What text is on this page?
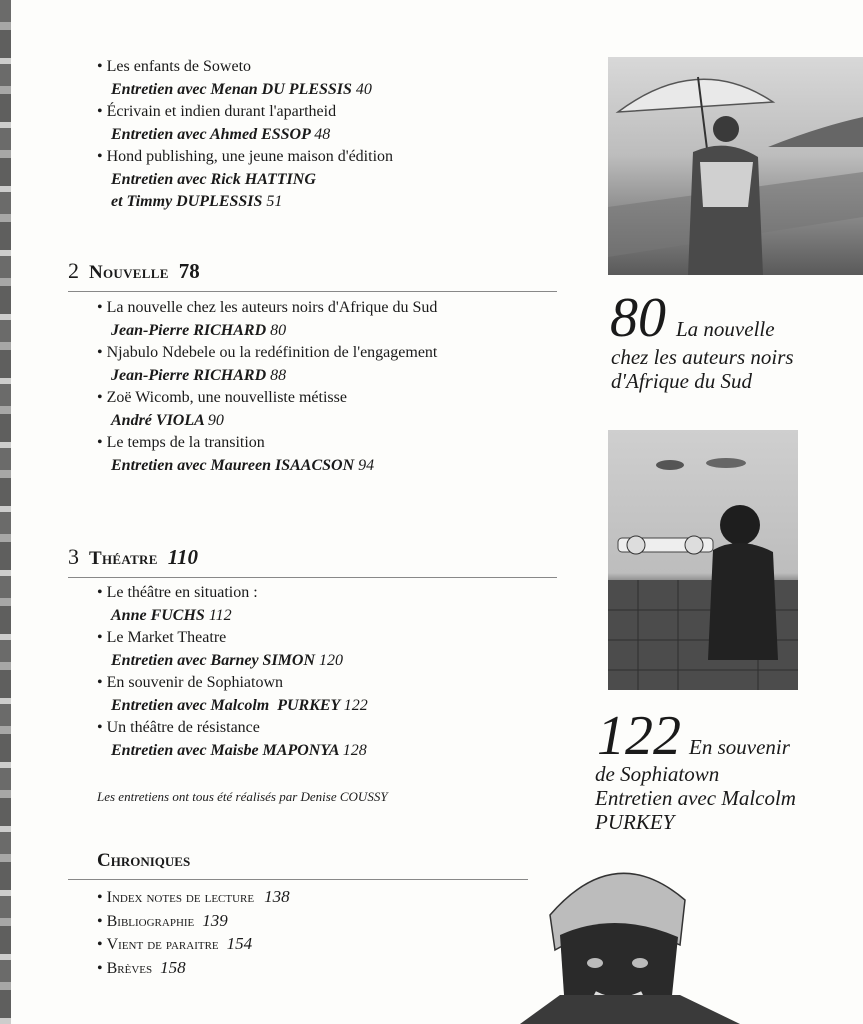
• Les enfants de Soweto
Entretien avec Menan DU PLESSIS 40
• Écrivain et indien durant l'apartheid
Entretien avec Ahmed ESSOP 48
• Hond publishing, une jeune maison d'édition
Entretien avec Rick HATTING
et Timmy DUPLESSIS 51
2 Nouvelle 78
• La nouvelle chez les auteurs noirs d'Afrique du Sud
Jean-Pierre RICHARD 80
• Njabulo Ndebele ou la redéfinition de l'engagement
Jean-Pierre RICHARD 88
• Zoë Wicomb, une nouvelliste métisse
André VIOLA 90
• Le temps de la transition
Entretien avec Maureen ISAACSON 94
3 Théatre 110
• Le théâtre en situation :
Anne FUCHS 112
• Le Market Theatre
Entretien avec Barney SIMON 120
• En souvenir de Sophiatown
Entretien avec Malcolm  PURKEY 122
• Un théâtre de résistance
Entretien avec Maisbe MAPONYA 128
Les entretiens ont tous été réalisés par Denise COUSSY
Chroniques
• Index notes de lecture 138
• Bibliographie 139
• Vient de paraitre 154
• Brèves 158
80 La nouvelle
chez les auteurs noirs
d'Afrique du Sud
122 En souvenir
de Sophiatown
Entretien avec Malcolm
PURKEY
